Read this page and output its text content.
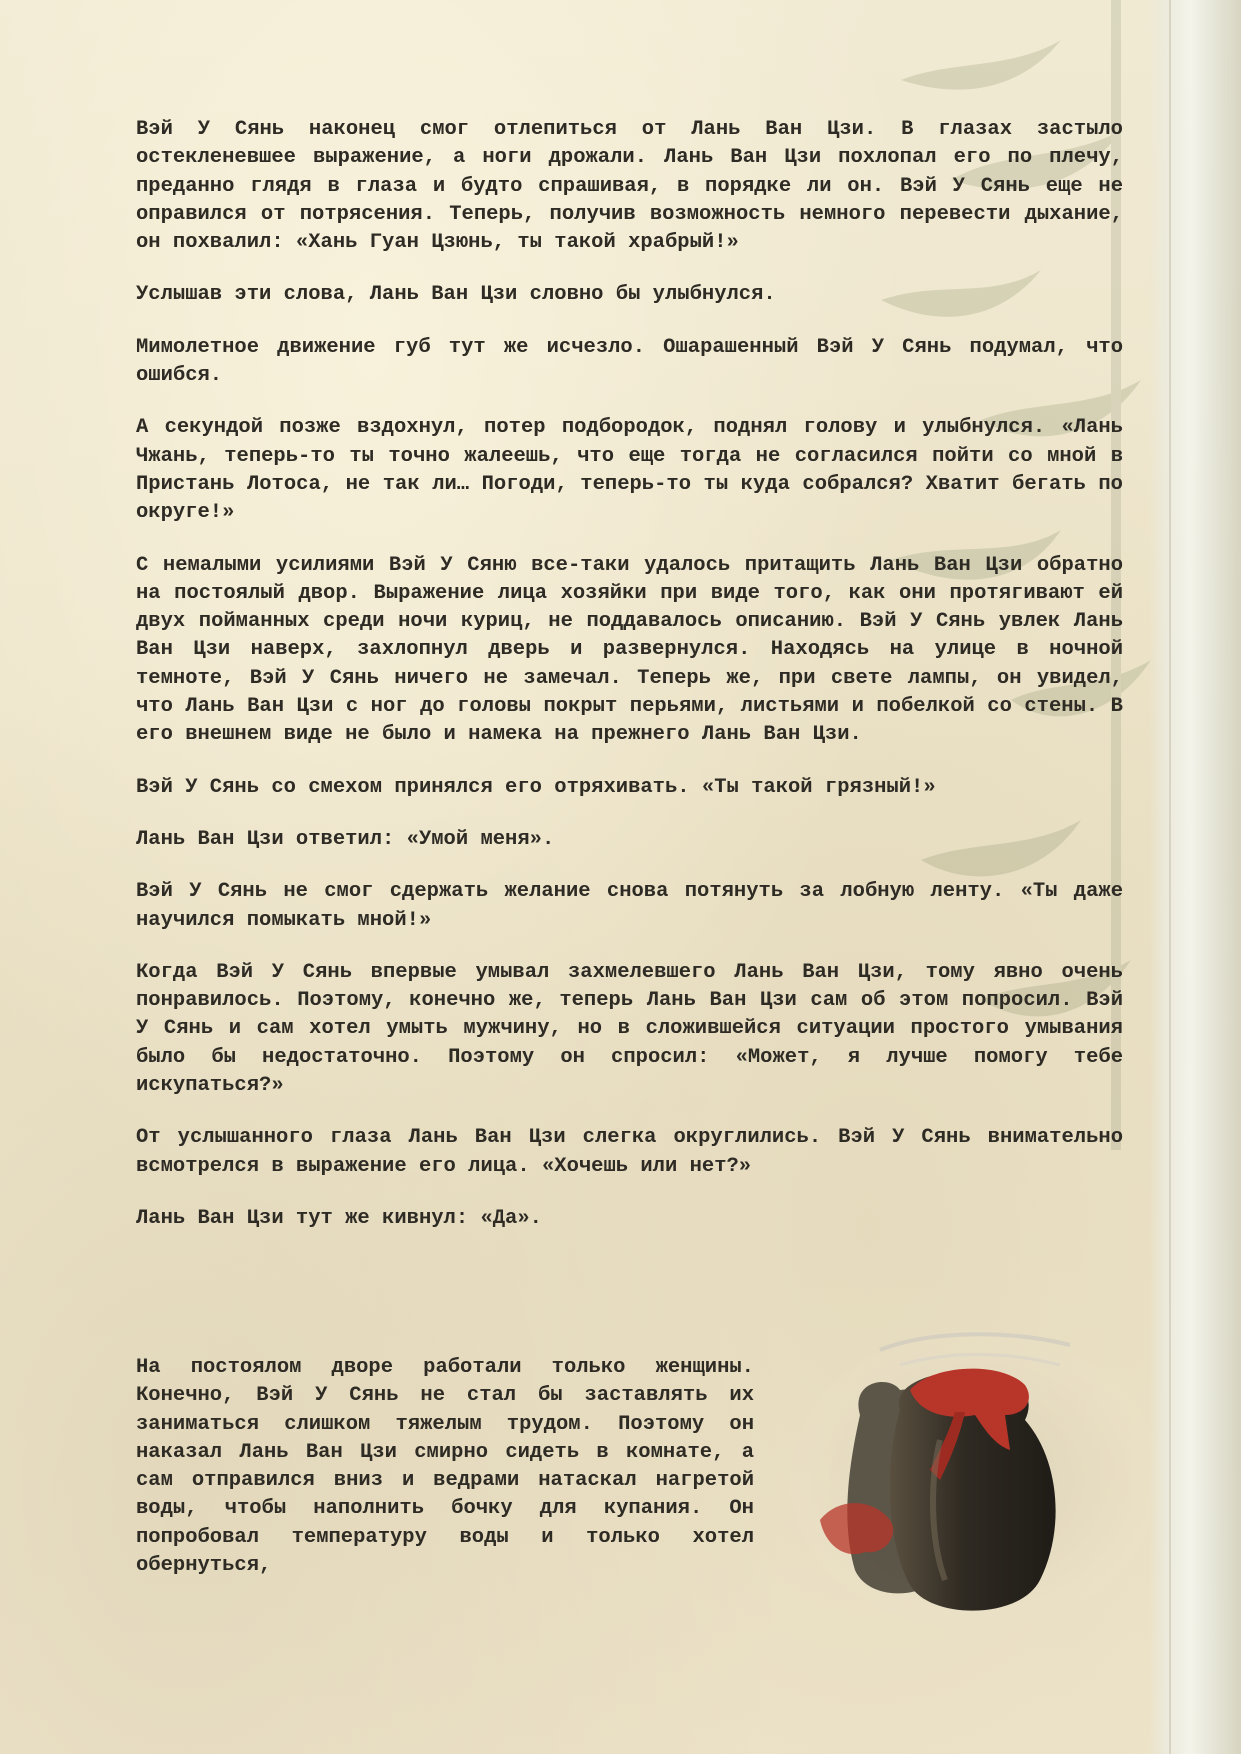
Вэй У Сянь наконец смог отлепиться от Лань Ван Цзи. В глазах застыло остекленевшее выражение, а ноги дрожали. Лань Ван Цзи похлопал его по плечу, преданно глядя в глаза и будто спрашивая, в порядке ли он. Вэй У Сянь еще не оправился от потрясения. Теперь, получив возможность немного перевести дыхание, он похвалил: «Хань Гуан Цзюнь, ты такой храбрый!»

Услышав эти слова, Лань Ван Цзи словно бы улыбнулся.

Мимолетное движение губ тут же исчезло. Ошарашенный Вэй У Сянь подумал, что ошибся.

А секундой позже вздохнул, потер подбородок, поднял голову и улыбнулся. «Лань Чжань, теперь-то ты точно жалеешь, что еще тогда не согласился пойти со мной в Пристань Лотоса, не так ли… Погоди, теперь-то ты куда собрался? Хватит бегать по округе!»

С немалыми усилиями Вэй У Сяню все-таки удалось притащить Лань Ван Цзи обратно на постоялый двор. Выражение лица хозяйки при виде того, как они протягивают ей двух пойманных среди ночи куриц, не поддавалось описанию. Вэй У Сянь увлек Лань Ван Цзи наверх, захлопнул дверь и развернулся. Находясь на улице в ночной темноте, Вэй У Сянь ничего не замечал. Теперь же, при свете лампы, он увидел, что Лань Ван Цзи с ног до головы покрыт перьями, листьями и побелкой со стены. В его внешнем виде не было и намека на прежнего Лань Ван Цзи.

Вэй У Сянь со смехом принялся его отряхивать. «Ты такой грязный!»

Лань Ван Цзи ответил: «Умой меня».

Вэй У Сянь не смог сдержать желание снова потянуть за лобную ленту. «Ты даже научился помыкать мной!»

Когда Вэй У Сянь впервые умывал захмелевшего Лань Ван Цзи, тому явно очень понравилось. Поэтому, конечно же, теперь Лань Ван Цзи сам об этом попросил. Вэй У Сянь и сам хотел умыть мужчину, но в сложившейся ситуации простого умывания было бы недостаточно. Поэтому он спросил: «Может, я лучше помогу тебе искупаться?»

От услышанного глаза Лань Ван Цзи слегка округлились. Вэй У Сянь внимательно всмотрелся в выражение его лица. «Хочешь или нет?»

Лань Ван Цзи тут же кивнул: «Да».

На постоялом дворе работали только женщины. Конечно, Вэй У Сянь не стал бы заставлять их заниматься слишком тяжелым трудом. Поэтому он наказал Лань Ван Цзи смирно сидеть в комнате, а сам отправился вниз и ведрами натаскал нагретой воды, чтобы наполнить бочку для купания. Он попробовал температуру воды и только хотел обернуться,
